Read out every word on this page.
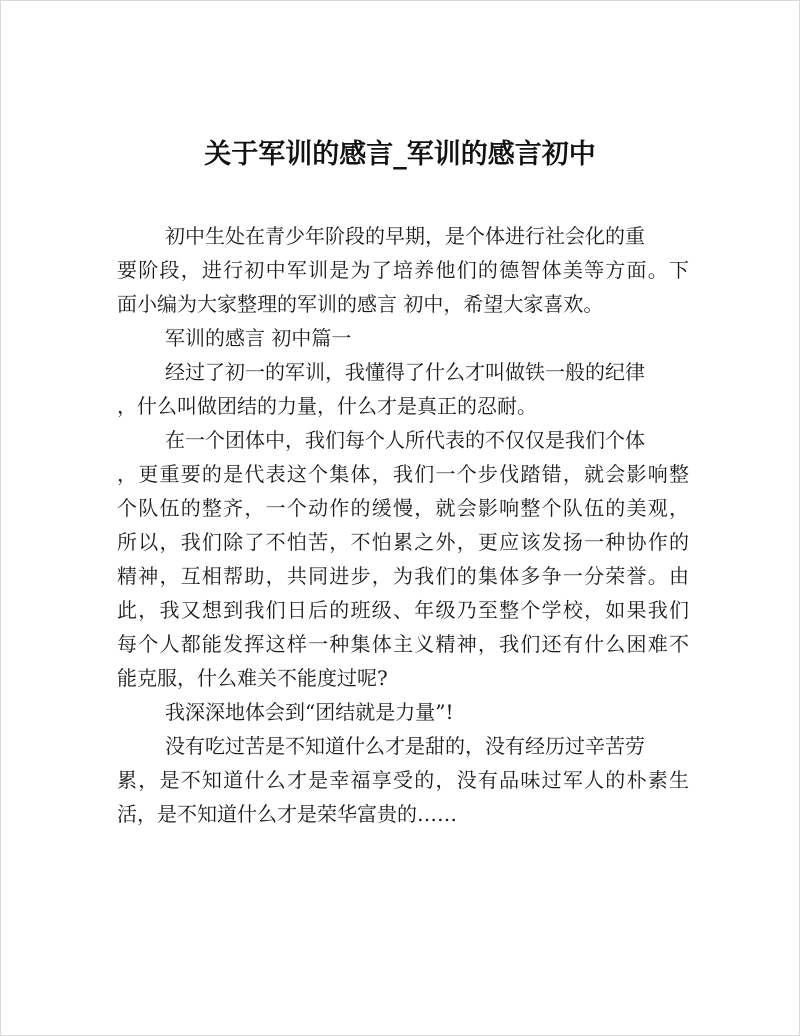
关于军训的感言_军训的感言初中
初中生处在青少年阶段的早期，是个体进行社会化的重
要阶段，进行初中军训是为了培养他们的德智体美等方面。下
面小编为大家整理的军训的感言 初中，希望大家喜欢。
军训的感言 初中篇一
经过了初一的军训，我懂得了什么才叫做铁一般的纪律
，什么叫做团结的力量，什么才是真正的忍耐。
在一个团体中，我们每个人所代表的不仅仅是我们个体
，更重要的是代表这个集体，我们一个步伐踏错，就会影响整
个队伍的整齐，一个动作的缓慢，就会影响整个队伍的美观，
所以，我们除了不怕苦，不怕累之外，更应该发扬一种协作的
精神，互相帮助，共同进步，为我们的集体多争一分荣誉。由
此，我又想到我们日后的班级、年级乃至整个学校，如果我们
每个人都能发挥这样一种集体主义精神，我们还有什么困难不
能克服，什么难关不能度过呢?
我深深地体会到“团结就是力量”!
没有吃过苦是不知道什么才是甜的，没有经历过辛苦劳
累，是不知道什么才是幸福享受的，没有品味过军人的朴素生
活，是不知道什么才是荣华富贵的……
